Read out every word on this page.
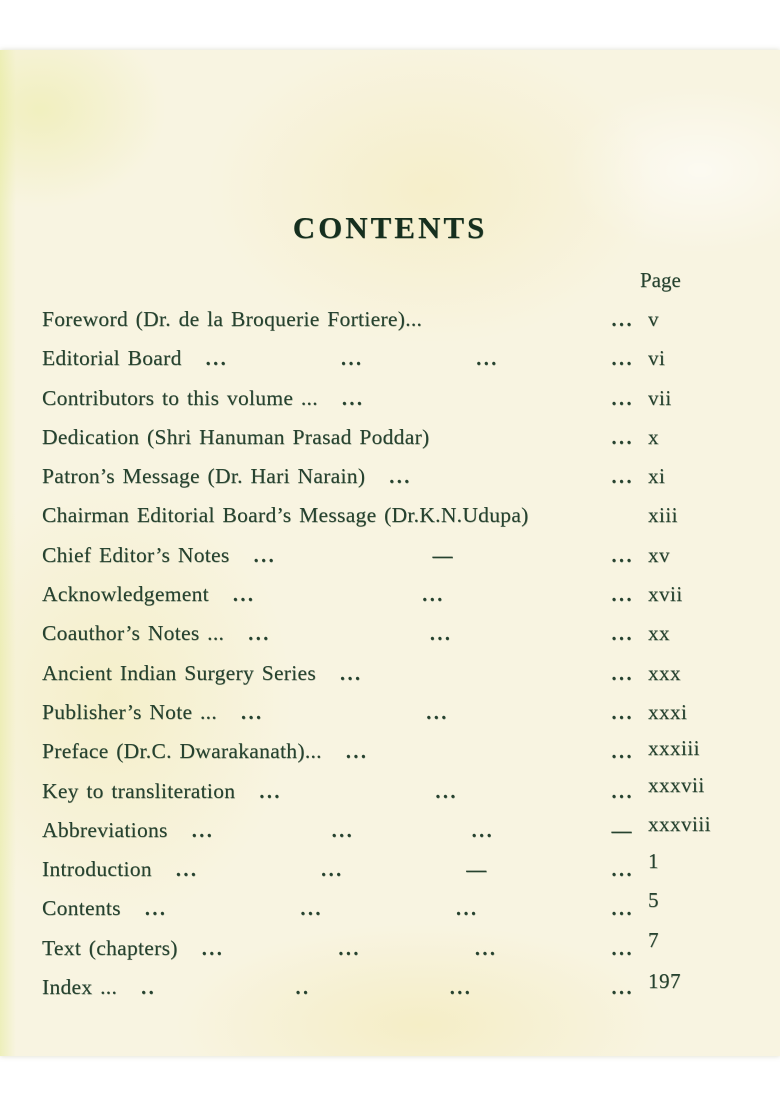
CONTENTS
Page
Foreword (Dr. de la Broquerie Fortiere)...	... v
Editorial Board ...	...	...	... vi
Contributors to this volume ... ...	... vii
Dedication (Shri Hanuman Prasad Poddar)	... x
Patron’s Message (Dr. Hari Narain) ...	... xi
Chairman Editorial Board’s Message (Dr.K.N.Udupa)	xiii
Chief Editor’s Notes ...	—	... xv
Acknowledgement ...	...	... xvii
Coauthor’s Notes ... ...	...	... xx
Ancient Indian Surgery Series ...	... xxx
Publisher’s Note ... ...	...	... xxxi
Preface (Dr.C. Dwarakanath)... ...	... xxxiii
Key to transliteration ...	...	... xxxvii
Abbreviations ...	...	...	— xxxviii
Introduction ...	...	—	... 1
Contents ...	...	...	... 5
Text (chapters) ...	...	...	... 7
Index ... ..	..	...	... 197
